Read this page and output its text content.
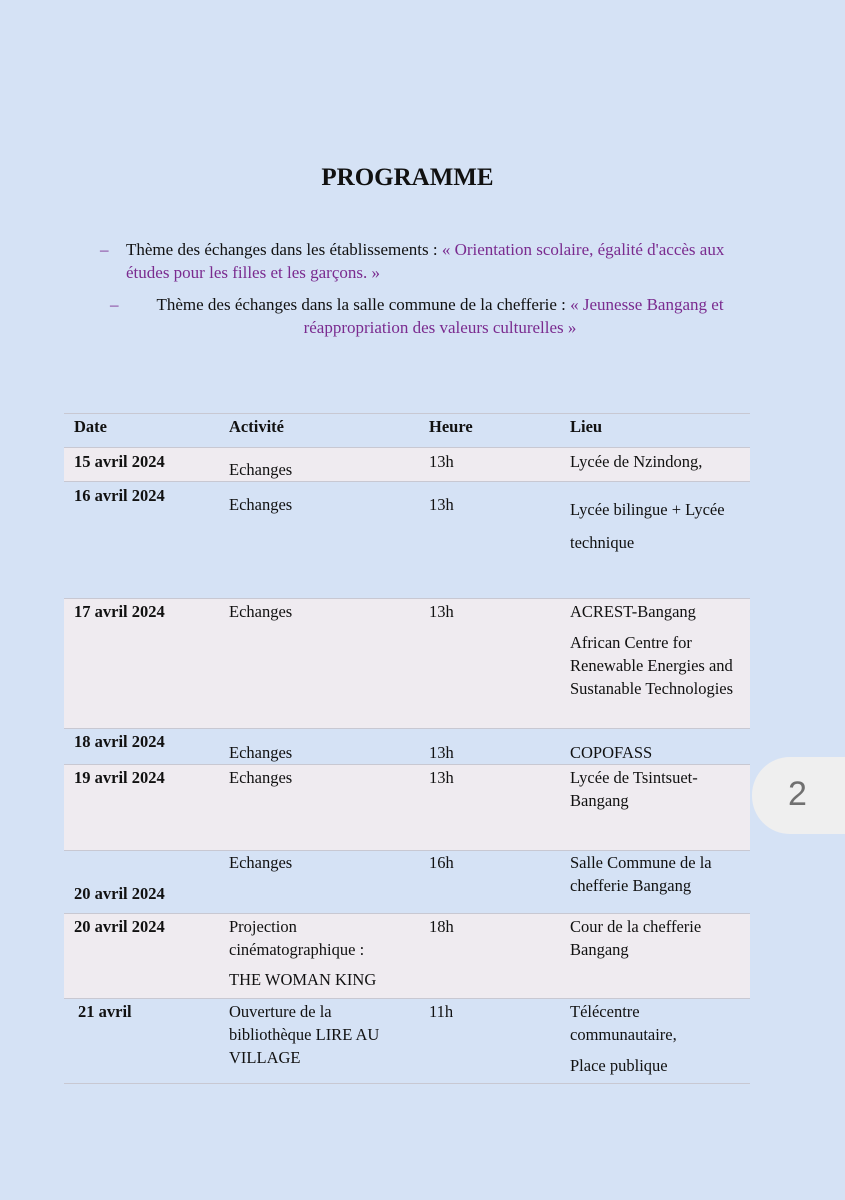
PROGRAMME
– Thème des échanges dans les établissements : « Orientation scolaire, égalité d'accès aux études pour les filles et les garçons. »
–	Thème des échanges dans la salle commune de la chefferie : « Jeunesse Bangang et réappropriation des valeurs culturelles »
Date	Activité	Heure	Lieu
15 avril 2024	Echanges	13h	Lycée de Nzindong,

16 avril 2024	Echanges	13h	Lycée bilingue + Lycée
technique

17 avril 2024	Echanges	13h	ACREST-Bangang
African Centre for Renewable Energies and Sustanable Technologies

18 avril 2024	Echanges	13h	COPOFASS

19 avril 2024	Echanges	13h	Lycée de Tsintsuet-Bangang

20 avril 2024	Echanges	16h	Salle Commune de la chefferie Bangang

20 avril 2024	Projection cinématographique :
THE WOMAN KING	18h	Cour de la chefferie Bangang

21 avril	Ouverture de la bibliothèque LIRE AU VILLAGE	11h	Télécentre communautaire,
Place publique
2
